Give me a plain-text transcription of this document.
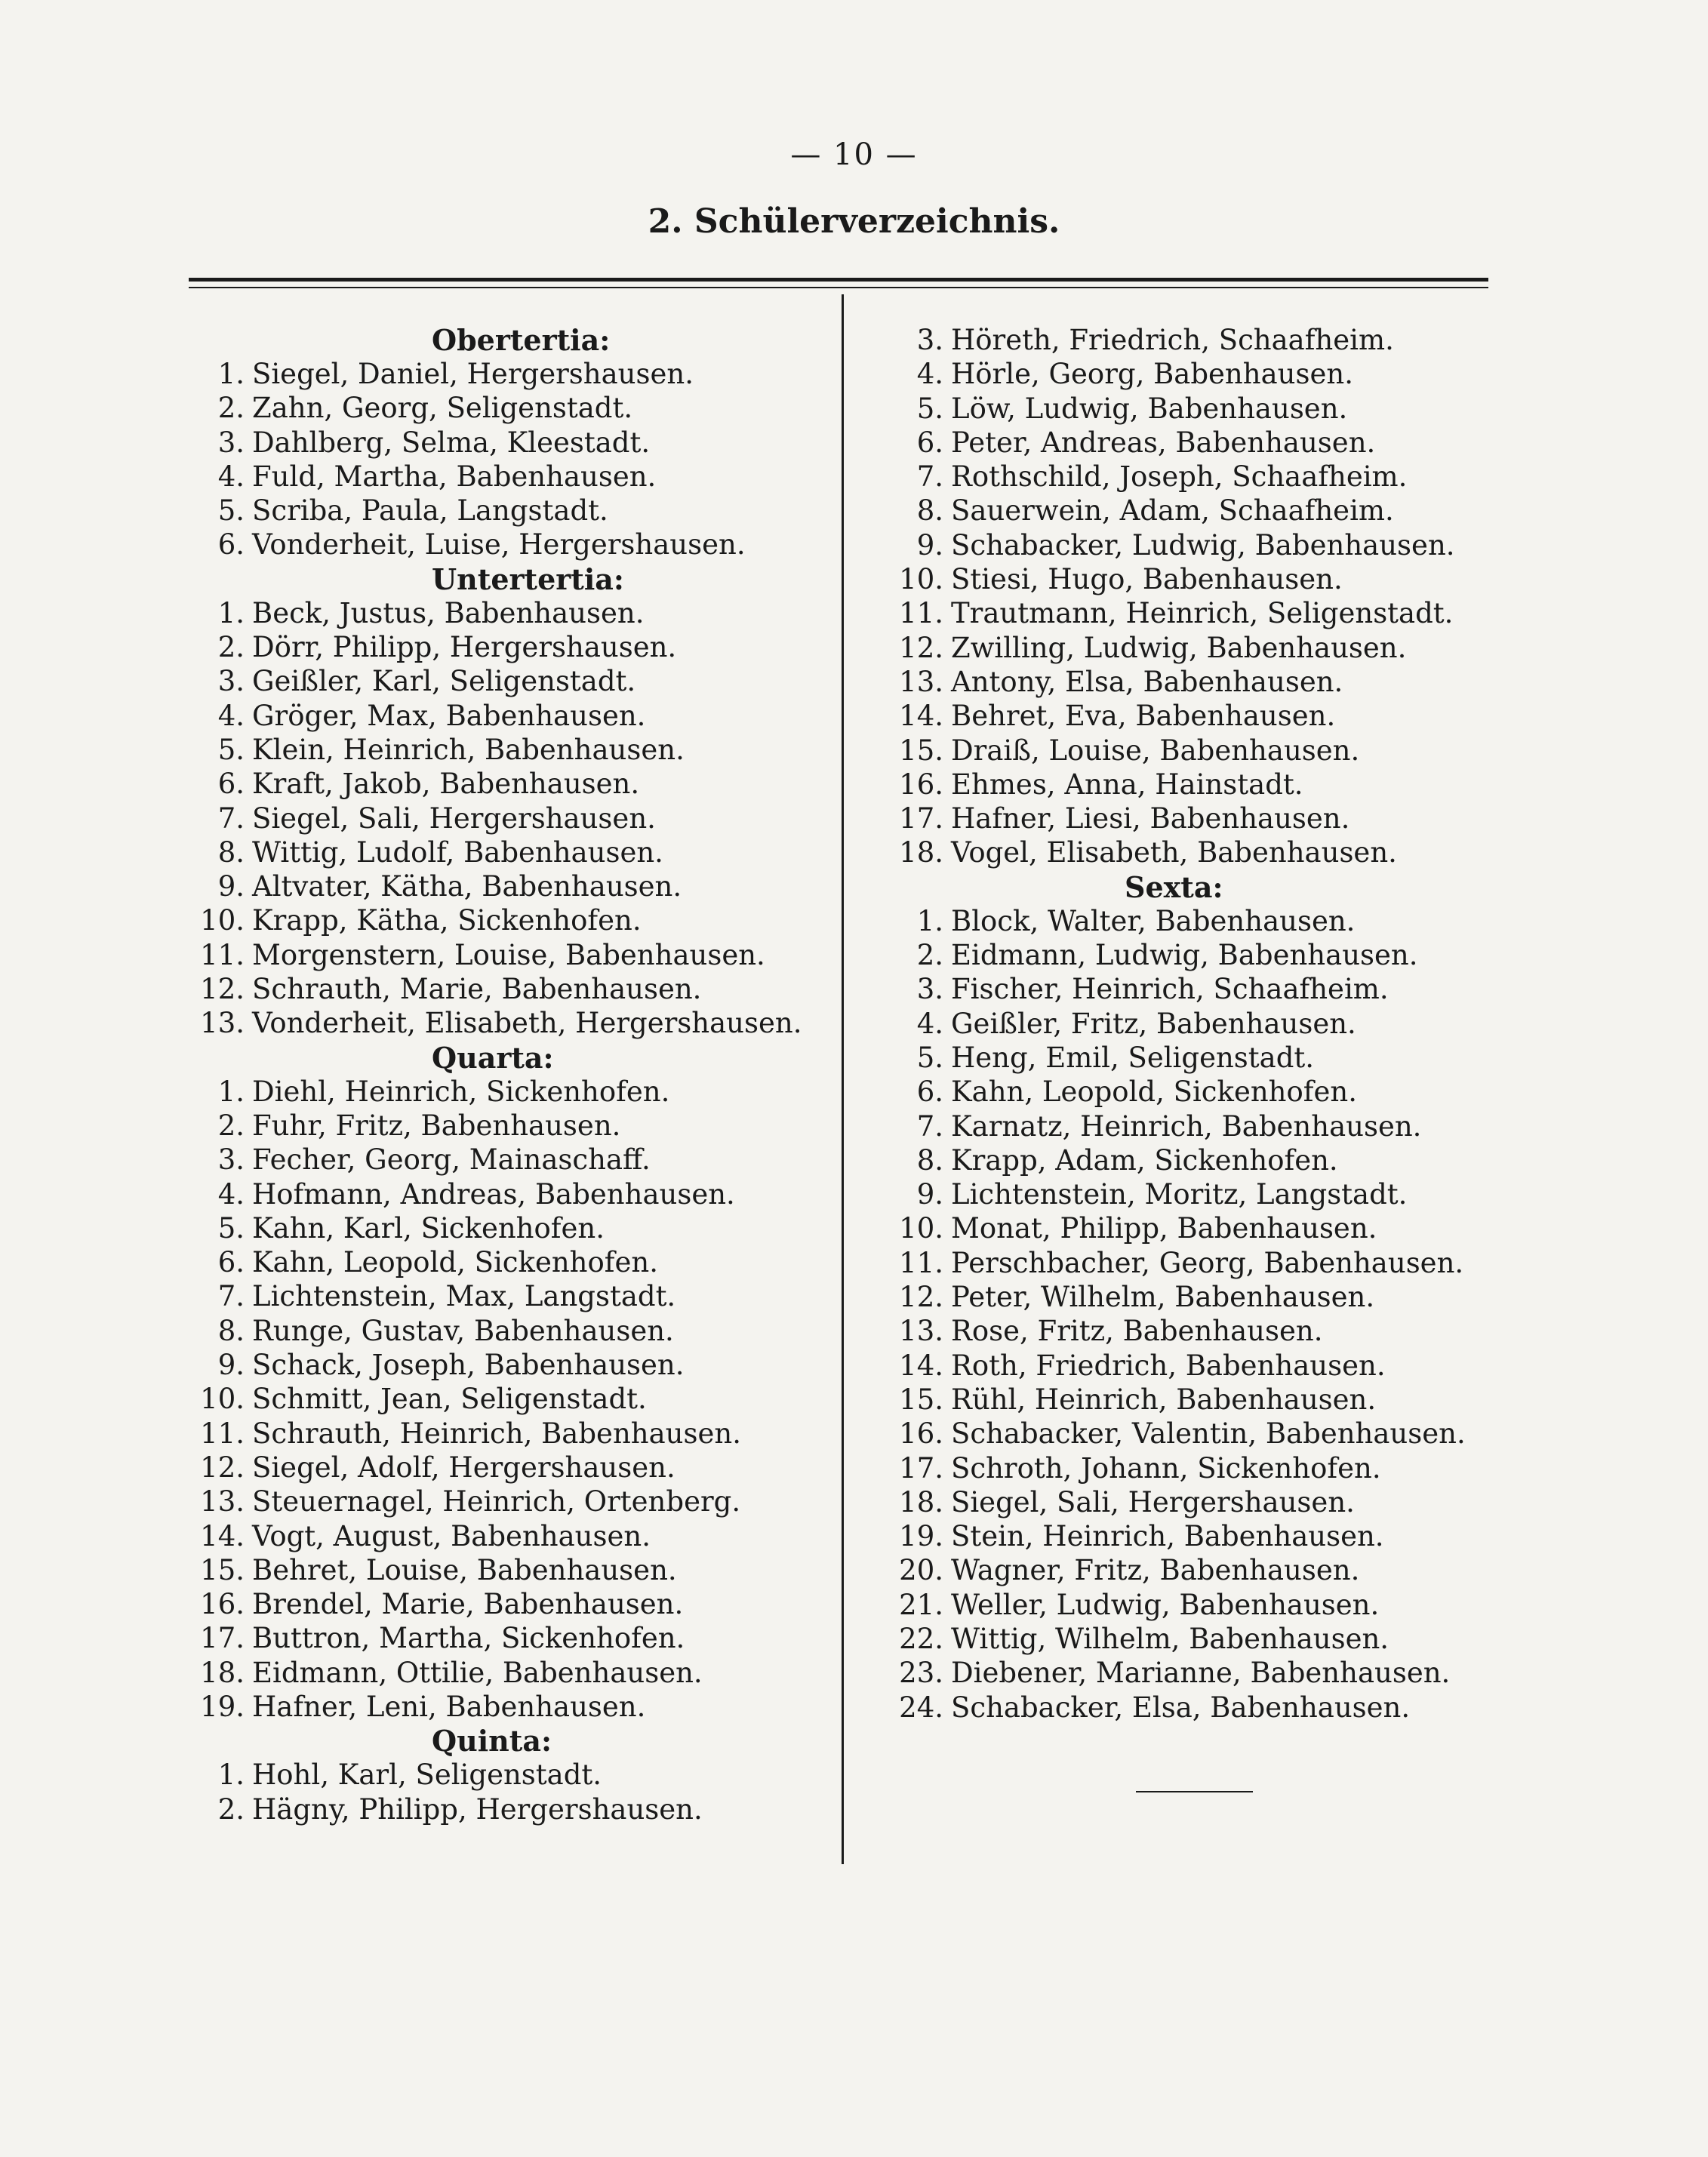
— 10 —
2. Schülerverzeichnis.
Obertertia:
1. Siegel, Daniel, Hergershausen.
2. Zahn, Georg, Seligenstadt.
3. Dahlberg, Selma, Kleestadt.
4. Fuld, Martha, Babenhausen.
5. Scriba, Paula, Langstadt.
6. Vonderheit, Luise, Hergershausen.
Untertertia:
1. Beck, Justus, Babenhausen.
2. Dörr, Philipp, Hergershausen.
3. Geißler, Karl, Seligenstadt.
4. Gröger, Max, Babenhausen.
5. Klein, Heinrich, Babenhausen.
6. Kraft, Jakob, Babenhausen.
7. Siegel, Sali, Hergershausen.
8. Wittig, Ludolf, Babenhausen.
9. Altvater, Kätha, Babenhausen.
10. Krapp, Kätha, Sickenhofen.
11. Morgenstern, Louise, Babenhausen.
12. Schrauth, Marie, Babenhausen.
13. Vonderheit, Elisabeth, Hergershausen.
Quarta:
1. Diehl, Heinrich, Sickenhofen.
2. Fuhr, Fritz, Babenhausen.
3. Fecher, Georg, Mainaschaff.
4. Hofmann, Andreas, Babenhausen.
5. Kahn, Karl, Sickenhofen.
6. Kahn, Leopold, Sickenhofen.
7. Lichtenstein, Max, Langstadt.
8. Runge, Gustav, Babenhausen.
9. Schack, Joseph, Babenhausen.
10. Schmitt, Jean, Seligenstadt.
11. Schrauth, Heinrich, Babenhausen.
12. Siegel, Adolf, Hergershausen.
13. Steuernagel, Heinrich, Ortenberg.
14. Vogt, August, Babenhausen.
15. Behret, Louise, Babenhausen.
16. Brendel, Marie, Babenhausen.
17. Buttron, Martha, Sickenhofen.
18. Eidmann, Ottilie, Babenhausen.
19. Hafner, Leni, Babenhausen.
Quinta:
1. Hohl, Karl, Seligenstadt.
2. Hägny, Philipp, Hergershausen.
3. Höreth, Friedrich, Schaafheim.
4. Hörle, Georg, Babenhausen.
5. Löw, Ludwig, Babenhausen.
6. Peter, Andreas, Babenhausen.
7. Rothschild, Joseph, Schaafheim.
8. Sauerwein, Adam, Schaafheim.
9. Schabacker, Ludwig, Babenhausen.
10. Stiesi, Hugo, Babenhausen.
11. Trautmann, Heinrich, Seligenstadt.
12. Zwilling, Ludwig, Babenhausen.
13. Antony, Elsa, Babenhausen.
14. Behret, Eva, Babenhausen.
15. Draiß, Louise, Babenhausen.
16. Ehmes, Anna, Hainstadt.
17. Hafner, Liesi, Babenhausen.
18. Vogel, Elisabeth, Babenhausen.
Sexta:
1. Block, Walter, Babenhausen.
2. Eidmann, Ludwig, Babenhausen.
3. Fischer, Heinrich, Schaafheim.
4. Geißler, Fritz, Babenhausen.
5. Heng, Emil, Seligenstadt.
6. Kahn, Leopold, Sickenhofen.
7. Karnatz, Heinrich, Babenhausen.
8. Krapp, Adam, Sickenhofen.
9. Lichtenstein, Moritz, Langstadt.
10. Monat, Philipp, Babenhausen.
11. Perschbacher, Georg, Babenhausen.
12. Peter, Wilhelm, Babenhausen.
13. Rose, Fritz, Babenhausen.
14. Roth, Friedrich, Babenhausen.
15. Rühl, Heinrich, Babenhausen.
16. Schabacker, Valentin, Babenhausen.
17. Schroth, Johann, Sickenhofen.
18. Siegel, Sali, Hergershausen.
19. Stein, Heinrich, Babenhausen.
20. Wagner, Fritz, Babenhausen.
21. Weller, Ludwig, Babenhausen.
22. Wittig, Wilhelm, Babenhausen.
23. Diebener, Marianne, Babenhausen.
24. Schabacker, Elsa, Babenhausen.
